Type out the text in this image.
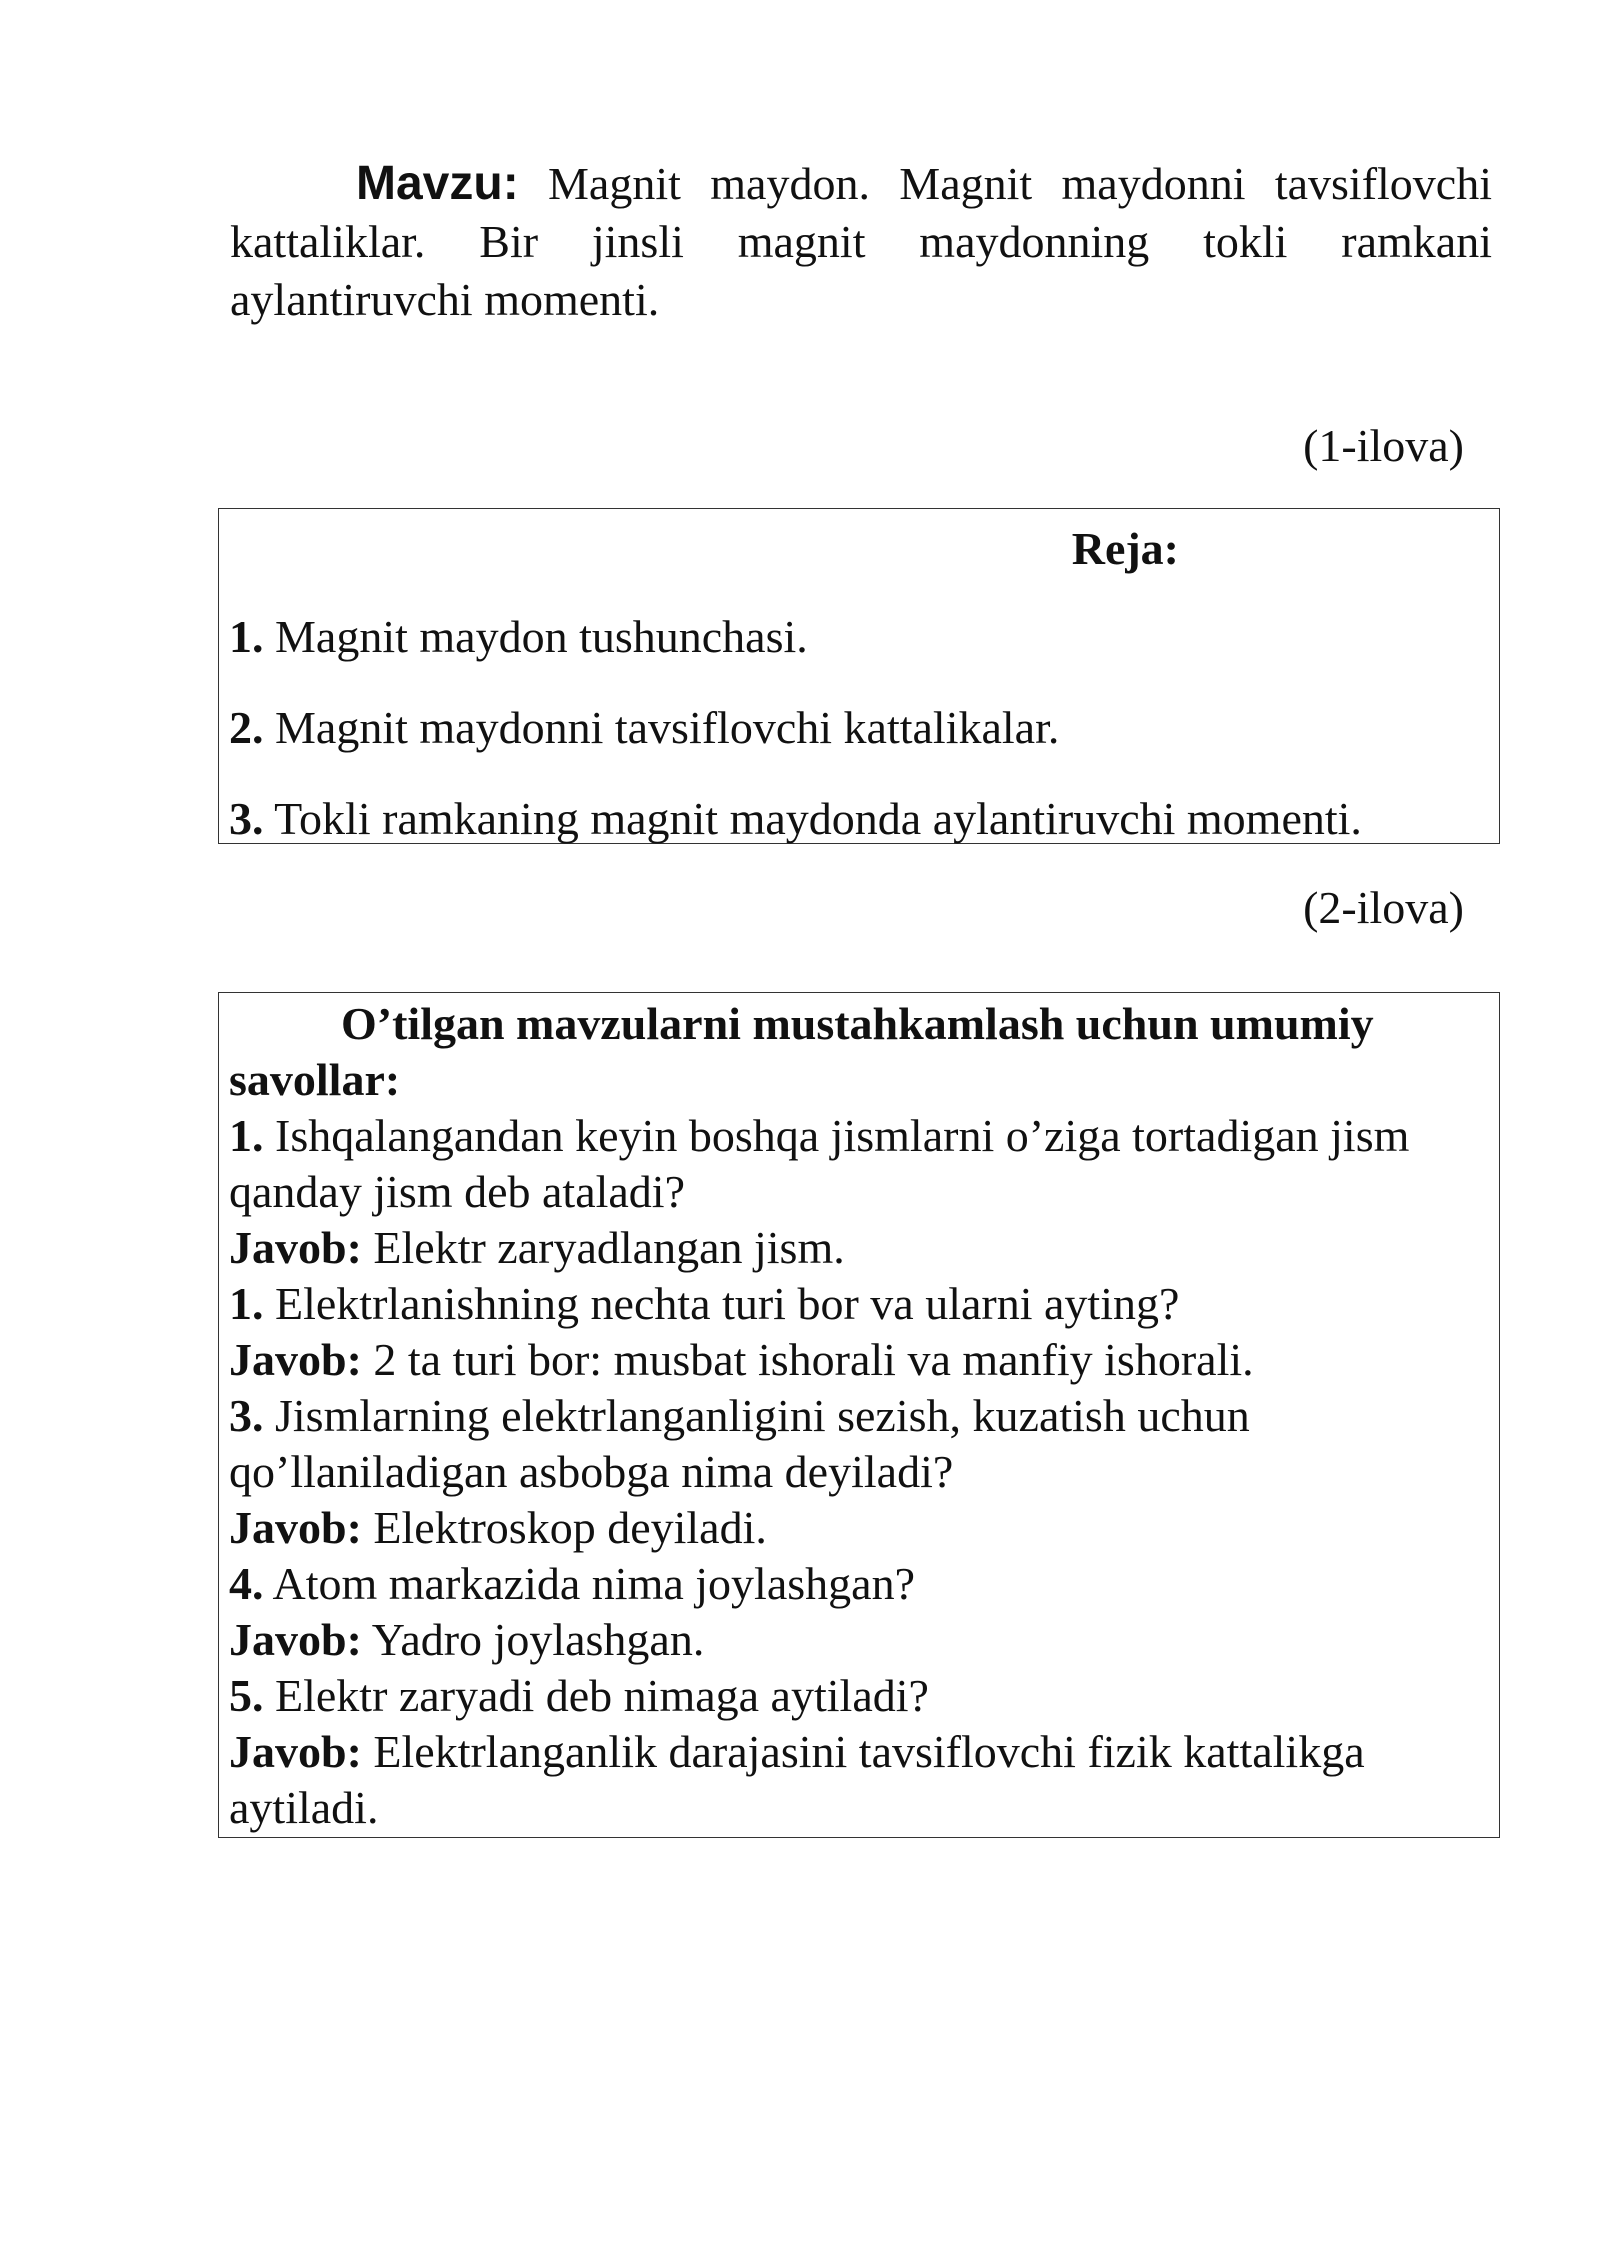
Mavzu: Magnit maydon. Magnit maydonni tavsiflovchi kattaliklar. Bir jinsli magnit maydonning tokli ramkani aylantiruvchi momenti.

(1-ilova)
Reja:
1. Magnit maydon tushunchasi.
2. Magnit maydonni tavsiflovchi kattalikalar.
3. Tokli ramkaning magnit maydonda aylantiruvchi momenti.
(2-ilova)
O’tilgan mavzularni mustahkamlash uchun umumiy savollar:

1. Ishqalangandan keyin boshqa jismlarni o’ziga tortadigan jism qanday jism deb ataladi?

Javob: Elektr zaryadlangan jism.

1. Elektrlanishning nechta turi bor va ularni ayting?

Javob: 2 ta turi bor: musbat ishorali va manfiy ishorali.

3. Jismlarning elektrlanganligini sezish, kuzatish uchun qo’llaniladigan asbobga nima deyiladi?

Javob: Elektroskop deyiladi.

4. Atom markazida nima joylashgan?

Javob: Yadro joylashgan.

5. Elektr zaryadi deb nimaga aytiladi?

Javob: Elektrlanganlik darajasini tavsiflovchi fizik kattalikga aytiladi.
